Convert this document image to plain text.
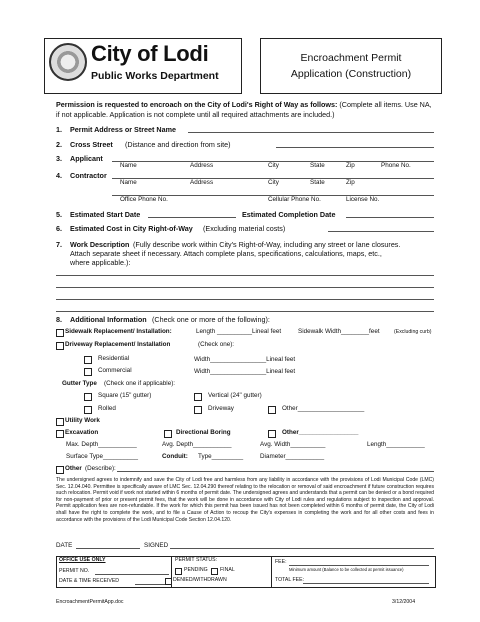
City of Lodi
Public Works Department
Encroachment Permit
Application (Construction)
Permission is requested to encroach on the City of Lodi's Right of Way as follows: (Complete all items. Use NA, if not applicable. Application is not complete until all required attachments are included.)
1. Permit Address or Street Name
2. Cross Street (Distance and direction from site)
3. Applicant
Name	Address	City	State	Zip	Phone No.
4. Contractor
Name	Address	City	State	Zip
Office Phone No.	Cellular Phone No.	License No.
5. Estimated Start Date	Estimated Completion Date
6. Estimated Cost in City Right-of-Way (Excluding material costs)
7. Work Description (Fully describe work within City's Right-of-Way, including any street or lane closures.
Attach separate sheet if necessary. Attach complete plans, specifications, calculations, maps, etc.,
where applicable.):
8. Additional Information (Check one or more of the following):
Sidewalk Replacement/ Installation:	Length __________Lineal feet	Sidewalk Width________feet	(Excluding curb)
Driveway Replacement/ Installation	(Check one):
Residential	Width________________Lineal feet
Commercial	Width________________Lineal feet
Gutter Type (Check one if applicable):
Square (15" gutter)	Vertical (24" gutter)
Rolled	Driveway	Other___________________
Utility Work
Excavation	Directional Boring	Other_________________
Max. Depth___________	Avg. Depth___________	Avg. Width__________	Length___________
Surface Type__________	Conduit: Type_________	Diameter___________
Other (Describe):
The undersigned agrees to indemnify and save the City of Lodi free and harmless from any liability in accordance with the provisions of Lodi Municipal Code (LMC) Sec. 12.04.040. Permittee is specifically aware of LMC Sec. 12.04.290 thereof relating to the relocation or removal of said encroachment if future construction requires such relocation. Permit void if work not started within 6 months of permit date. The undersigned agrees and understands that a permit can be denied or a bond required for non-payment of prior or present permit fees, that the work will be done in accordance with City of Lodi rules and regulations subject to inspection and approval. Permit application fees are non-refundable. If the work for which this permit has been issued has not been completed within 6 months of permit date, the City of Lodi shall have the right to complete the work, and to file a Cause of Action to recoup the City's expenses in completing the work and for all other costs and fees in accordance with the provisions of the Lodi Municipal Code Section 12.04.120.
DATE	SIGNED
OFFICE USE ONLY
PERMIT NO.
DATE & TIME RECEIVED
PERMIT STATUS:
PENDING FINAL
DENIED/WITHDRAWN
FEE:
Minimum amount (Balance to be collected at permit issuance)
TOTAL FEE:
EncroachmentPermitApp.doc	3/12/2004
